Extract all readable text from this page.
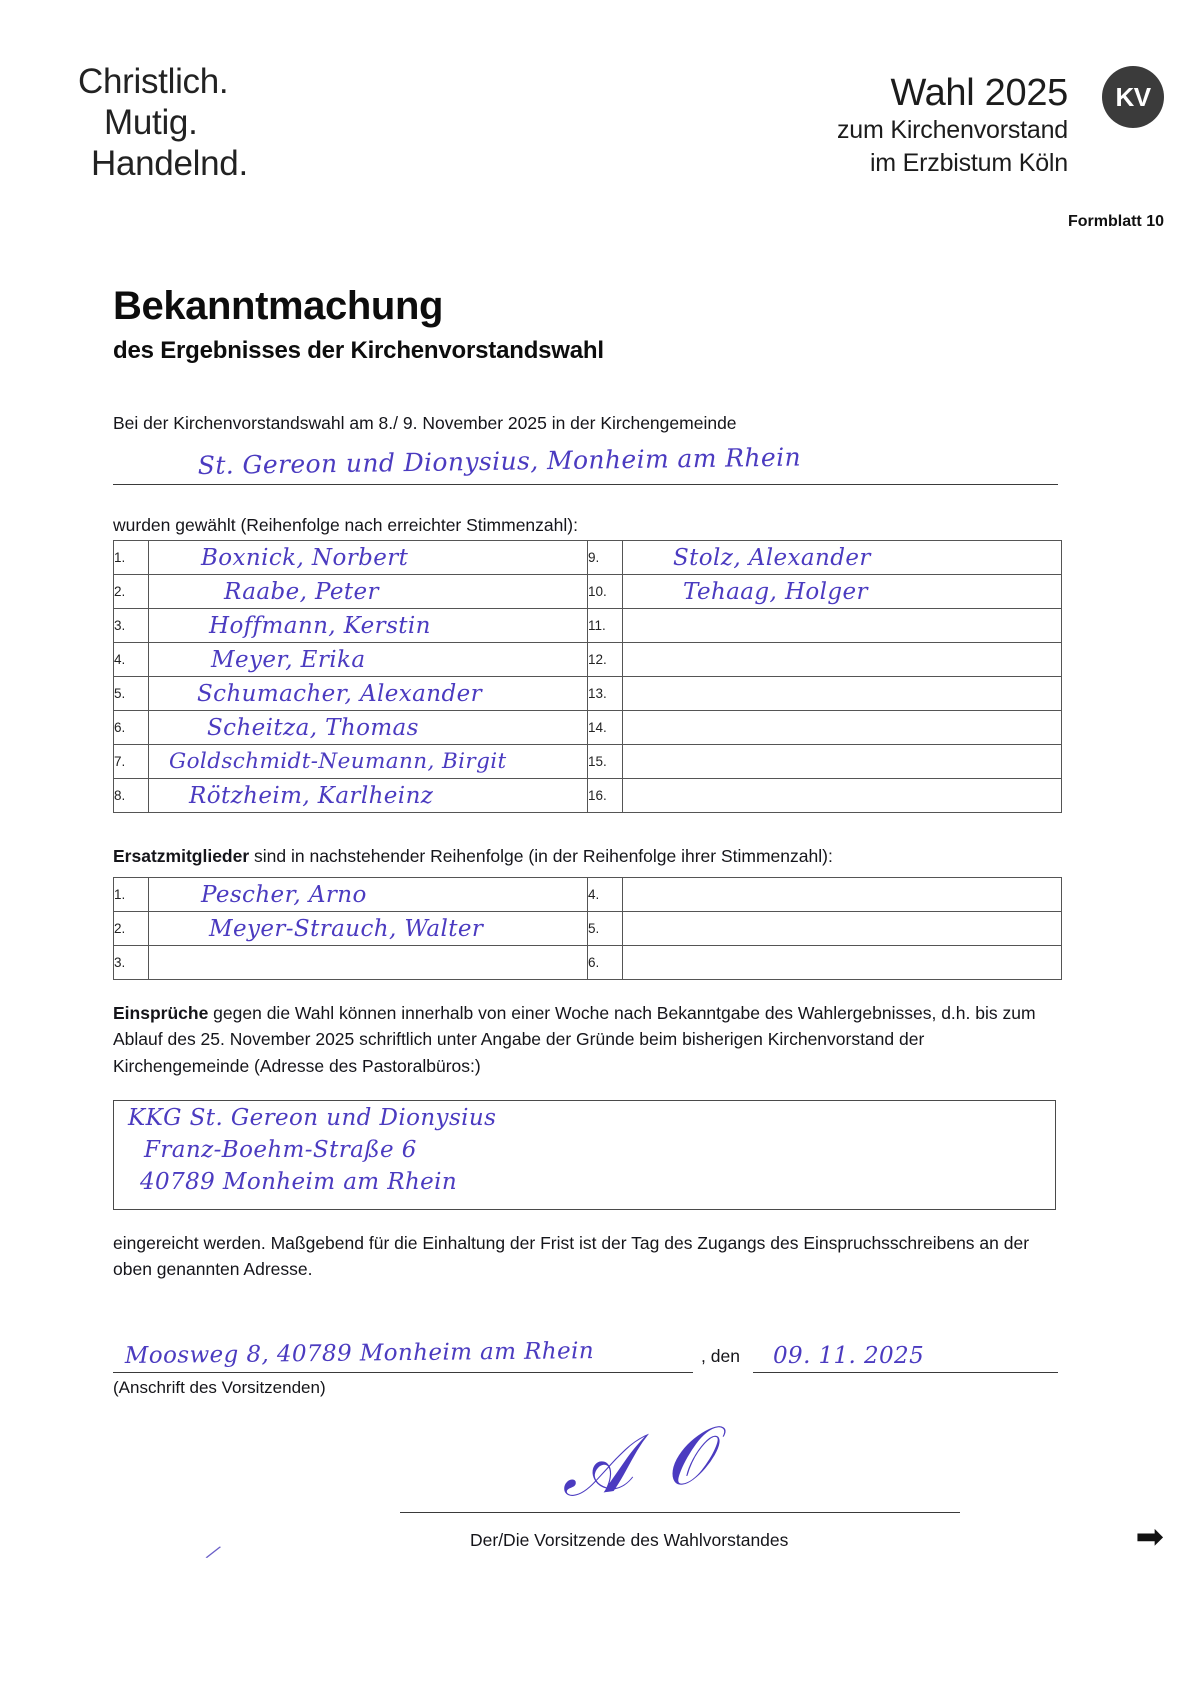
Christlich.
Mutig.
Handelnd.
Wahl 2025
zum Kirchenvorstand
im Erzbistum Köln
KV
Formblatt 10
Bekanntmachung
des Ergebnisses der Kirchenvorstandswahl
Bei der Kirchenvorstandswahl am 8./ 9. November 2025 in der Kirchengemeinde
St. Gereon und Dionysius, Monheim am Rhein
wurden gewählt (Reihenfolge nach erreichter Stimmenzahl):
1.	Boxnick, Norbert	9.	Stolz, Alexander
2.	Raabe, Peter	10.	Tehaag, Holger
3.	Hoffmann, Kerstin	11.	
4.	Meyer, Erika	12.	
5.	Schumacher, Alexander	13.	
6.	Scheitza, Thomas	14.	
7.	Goldschmidt-Neumann, Birgit	15.	
8.	Rötzheim, Karlheinz	16.	
Ersatzmitglieder sind in nachstehender Reihenfolge (in der Reihenfolge ihrer Stimmenzahl):
1.	Pescher, Arno	4.	
2.	Meyer-Strauch, Walter	5.	
3.		6.	
Einsprüche gegen die Wahl können innerhalb von einer Woche nach Bekanntgabe des Wahlergebnisses, d.h. bis zum Ablauf des 25. November 2025 schriftlich unter Angabe der Gründe beim bisherigen Kirchenvorstand der Kirchengemeinde (Adresse des Pastoralbüros:)
KKG St. Gereon und Dionysius
Franz-Boehm-Straße 6
40789 Monheim am Rhein
eingereicht werden. Maßgebend für die Einhaltung der Frist ist der Tag des Zugangs des Einspruchsschreibens an der oben genannten Adresse.
Moosweg 8, 40789 Monheim am Rhein	, den 09. 11. 2025
(Anschrift des Vorsitzenden)
𝒜 𝒪
∕
Der/Die Vorsitzende des Wahlvorstandes	➡
